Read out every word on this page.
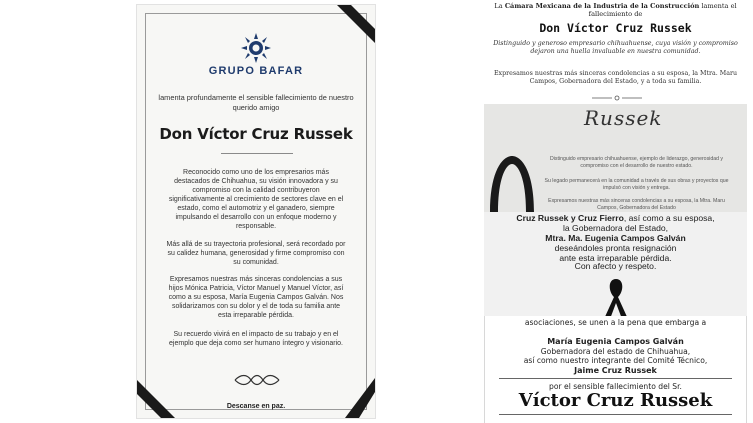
GRUPO BAFAR
lamenta profundamente el sensible fallecimiento de nuestro querido amigo
Don Víctor Cruz Russek
Reconocido como uno de los empresarios más destacados de Chihuahua, su visión innovadora y su compromiso con la calidad contribuyeron significativamente al crecimiento de sectores clave en el estado, como el automotriz y el ganadero, siempre impulsando el desarrollo con un enfoque moderno y responsable.
Más allá de su trayectoria profesional, será recordado por su calidez humana, generosidad y firme compromiso con su comunidad.
Expresamos nuestras más sinceras condolencias a sus hijos Mónica Patricia, Víctor Manuel y Manuel Víctor, así como a su esposa, María Eugenia Campos Galván. Nos solidarizamos con su dolor y el de toda su familia ante esta irreparable pérdida.
Su recuerdo vivirá en el impacto de su trabajo y en el ejemplo que deja como ser humano íntegro y visionario.
Descanse en paz.
La Cámara Mexicana de la Industria de la Construcción lamenta el fallecimiento de
Don Víctor Cruz Russek
Distinguido y generoso empresario chihuahuense, cuya visión y compromiso dejaron una huella invaluable en nuestra comunidad.
Expresamos nuestras más sinceras condolencias a su esposa, la Mtra. Maru Campos, Gobernadora del Estado, y a toda su familia.
Russek
Distinguido empresario chihuahuense, ejemplo de liderazgo, generosidad y compromiso con el desarrollo de nuestro estado.
Su legado permanecerá en la comunidad a través de sus obras y proyectos que impulsó con visión y entrega.
Expresamos nuestras más sinceras condolencias a su esposa, la Mtra. Maru Campos, Gobernadora del Estado
Cruz Russek y Cruz Fierro, así como a su esposa,
la Gobernadora del Estado,
Mtra. Ma. Eugenia Campos Galván
deseándoles pronta resignación
ante esta irreparable pérdida.
Con afecto y respeto.
asociaciones, se unen a la pena que embarga a
María Eugenia Campos Galván
Gobernadora del estado de Chihuahua,
así como nuestro integrante del Comité Técnico,
Jaime Cruz Russek
por el sensible fallecimiento del Sr.
Víctor Cruz Russek
